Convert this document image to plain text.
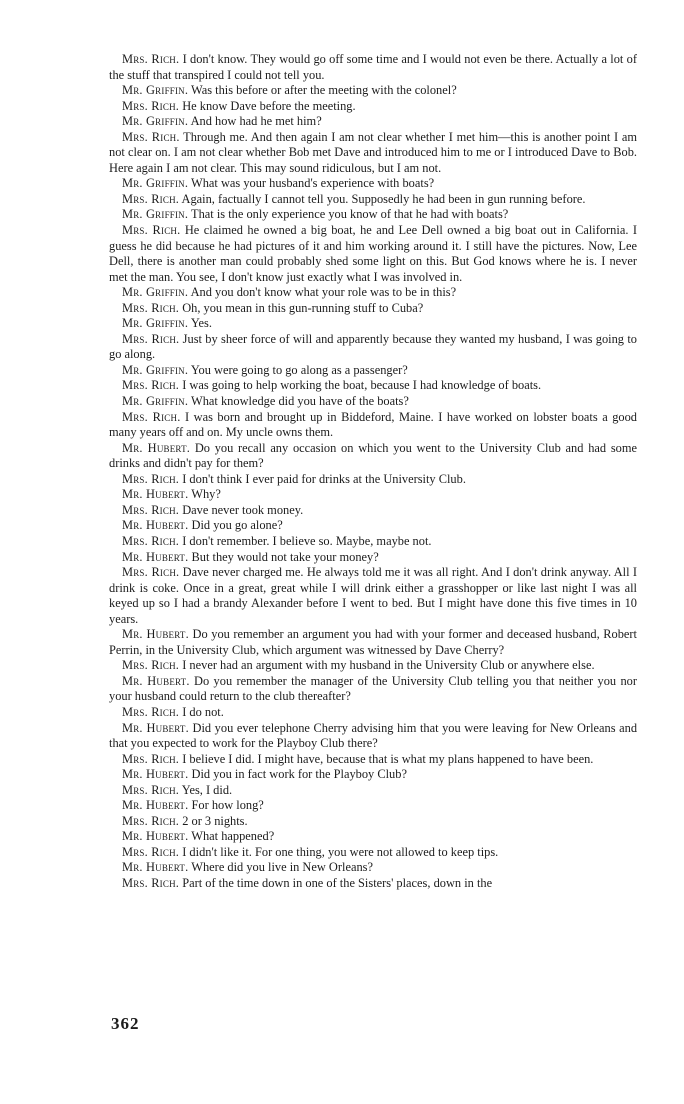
Mrs. Rich. I don't know. They would go off some time and I would not even be there. Actually a lot of the stuff that transpired I could not tell you.

Mr. Griffin. Was this before or after the meeting with the colonel?

Mrs. Rich. He know Dave before the meeting.

Mr. Griffin. And how had he met him?

Mrs. Rich. Through me. And then again I am not clear whether I met him—this is another point I am not clear on. I am not clear whether Bob met Dave and introduced him to me or I introduced Dave to Bob. Here again I am not clear. This may sound ridiculous, but I am not.

Mr. Griffin. What was your husband's experience with boats?

Mrs. Rich. Again, factually I cannot tell you. Supposedly he had been in gun running before.

Mr. Griffin. That is the only experience you know of that he had with boats?

Mrs. Rich. He claimed he owned a big boat, he and Lee Dell owned a big boat out in California. I guess he did because he had pictures of it and him working around it. I still have the pictures. Now, Lee Dell, there is another man could probably shed some light on this. But God knows where he is. I never met the man. You see, I don't know just exactly what I was involved in.

Mr. Griffin. And you don't know what your role was to be in this?

Mrs. Rich. Oh, you mean in this gun-running stuff to Cuba?

Mr. Griffin. Yes.

Mrs. Rich. Just by sheer force of will and apparently because they wanted my husband, I was going to go along.

Mr. Griffin. You were going to go along as a passenger?

Mrs. Rich. I was going to help working the boat, because I had knowledge of boats.

Mr. Griffin. What knowledge did you have of the boats?

Mrs. Rich. I was born and brought up in Biddeford, Maine. I have worked on lobster boats a good many years off and on. My uncle owns them.

Mr. Hubert. Do you recall any occasion on which you went to the University Club and had some drinks and didn't pay for them?

Mrs. Rich. I don't think I ever paid for drinks at the University Club.

Mr. Hubert. Why?

Mrs. Rich. Dave never took money.

Mr. Hubert. Did you go alone?

Mrs. Rich. I don't remember. I believe so. Maybe, maybe not.

Mr. Hubert. But they would not take your money?

Mrs. Rich. Dave never charged me. He always told me it was all right. And I don't drink anyway. All I drink is coke. Once in a great, great while I will drink either a grasshopper or like last night I was all keyed up so I had a brandy Alexander before I went to bed. But I might have done this five times in 10 years.

Mr. Hubert. Do you remember an argument you had with your former and deceased husband, Robert Perrin, in the University Club, which argument was witnessed by Dave Cherry?

Mrs. Rich. I never had an argument with my husband in the University Club or anywhere else.

Mr. Hubert. Do you remember the manager of the University Club telling you that neither you nor your husband could return to the club thereafter?

Mrs. Rich. I do not.

Mr. Hubert. Did you ever telephone Cherry advising him that you were leaving for New Orleans and that you expected to work for the Playboy Club there?

Mrs. Rich. I believe I did. I might have, because that is what my plans happened to have been.

Mr. Hubert. Did you in fact work for the Playboy Club?

Mrs. Rich. Yes, I did.

Mr. Hubert. For how long?

Mrs. Rich. 2 or 3 nights.

Mr. Hubert. What happened?

Mrs. Rich. I didn't like it. For one thing, you were not allowed to keep tips.

Mr. Hubert. Where did you live in New Orleans?

Mrs. Rich. Part of the time down in one of the Sisters' places, down in the

362
